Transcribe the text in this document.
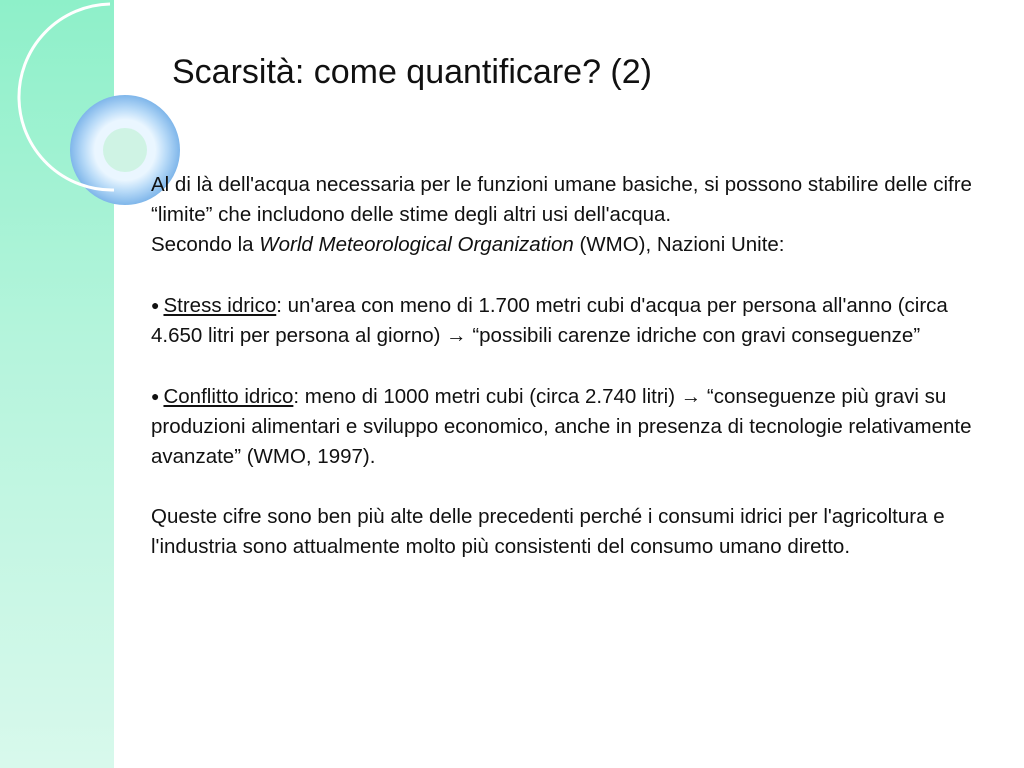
Scarsità: come quantificare? (2)

Al di là dell'acqua necessaria per le funzioni umane basiche, si possono stabilire delle cifre “limite” che includono delle stime degli altri usi dell'acqua.
Secondo la World Meteorological Organization (WMO), Nazioni Unite:

● Stress idrico: un'area con meno di 1.700 metri cubi d'acqua per persona all'anno (circa 4.650 litri per persona al giorno) → “possibili carenze idriche con gravi conseguenze”

● Conflitto idrico: meno di 1000 metri cubi (circa 2.740 litri) → “conseguenze più gravi su produzioni alimentari e sviluppo economico, anche in presenza di tecnologie relativamente avanzate” (WMO, 1997).

Queste cifre sono ben più alte delle precedenti perché i consumi idrici per l'agricoltura e l'industria sono attualmente molto più consistenti del consumo umano diretto.
